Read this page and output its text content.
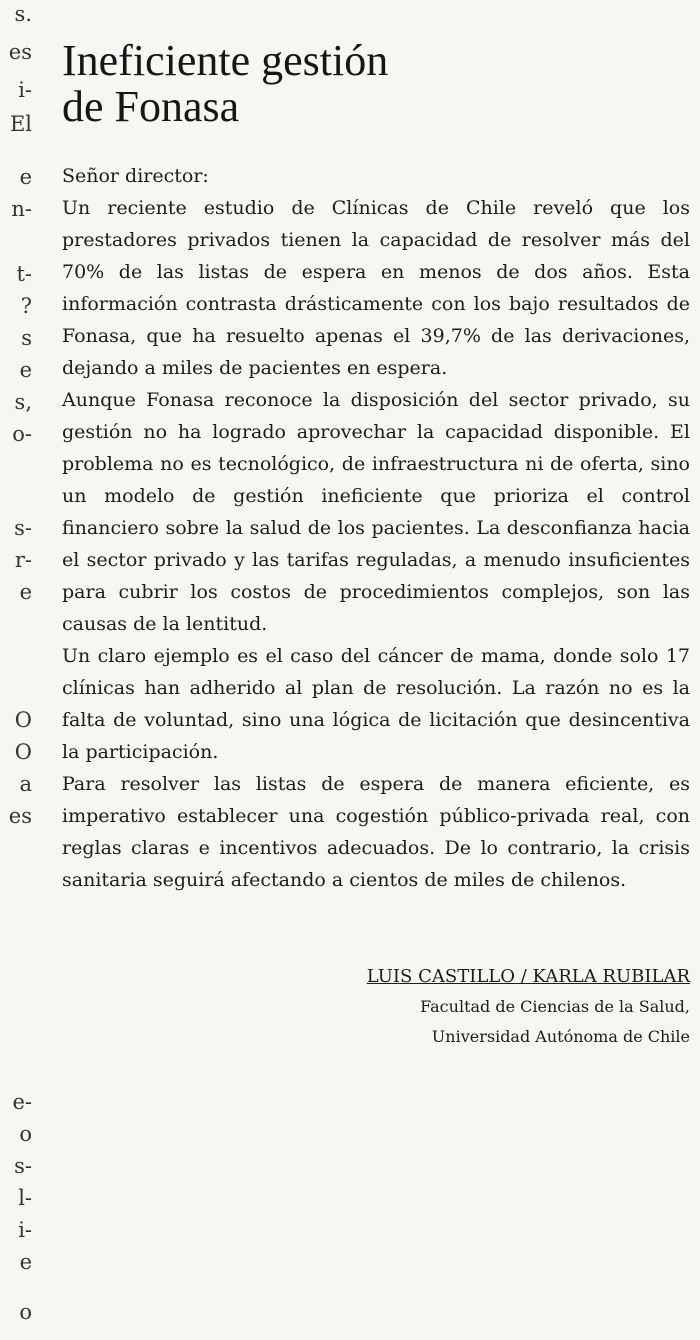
s.
es
i-
El
e
n-
t-
?
s
e
s,
o-
s-
r-
e
O
O
a
es
e-
o
s-
l-
i-
e
o
Ineficiente gestión
de Fonasa

Señor director:

Un reciente estudio de Clínicas de Chile reveló que los prestadores privados tienen la capacidad de resolver más del 70% de las listas de espera en menos de dos años. Esta información contrasta drásticamente con los bajo resultados de Fonasa, que ha resuelto apenas el 39,7% de las derivaciones, dejando a miles de pacientes en espera.

Aunque Fonasa reconoce la disposición del sector privado, su gestión no ha logrado aprovechar la capacidad disponible. El problema no es tecnológico, de infraestructura ni de oferta, sino un modelo de gestión ineficiente que prioriza el control financiero sobre la salud de los pacientes. La desconfianza hacia el sector privado y las tarifas reguladas, a menudo insuficientes para cubrir los costos de procedimientos complejos, son las causas de la lentitud.

Un claro ejemplo es el caso del cáncer de mama, donde solo 17 clínicas han adherido al plan de resolución. La razón no es la falta de voluntad, sino una lógica de licitación que desincentiva la participación.

Para resolver las listas de espera de manera eficiente, es imperativo establecer una cogestión público-privada real, con reglas claras e incentivos adecuados. De lo contrario, la crisis sanitaria seguirá afectando a cientos de miles de chilenos.

LUIS CASTILLO / KARLA RUBILAR
Facultad de Ciencias de la Salud,
Universidad Autónoma de Chile
